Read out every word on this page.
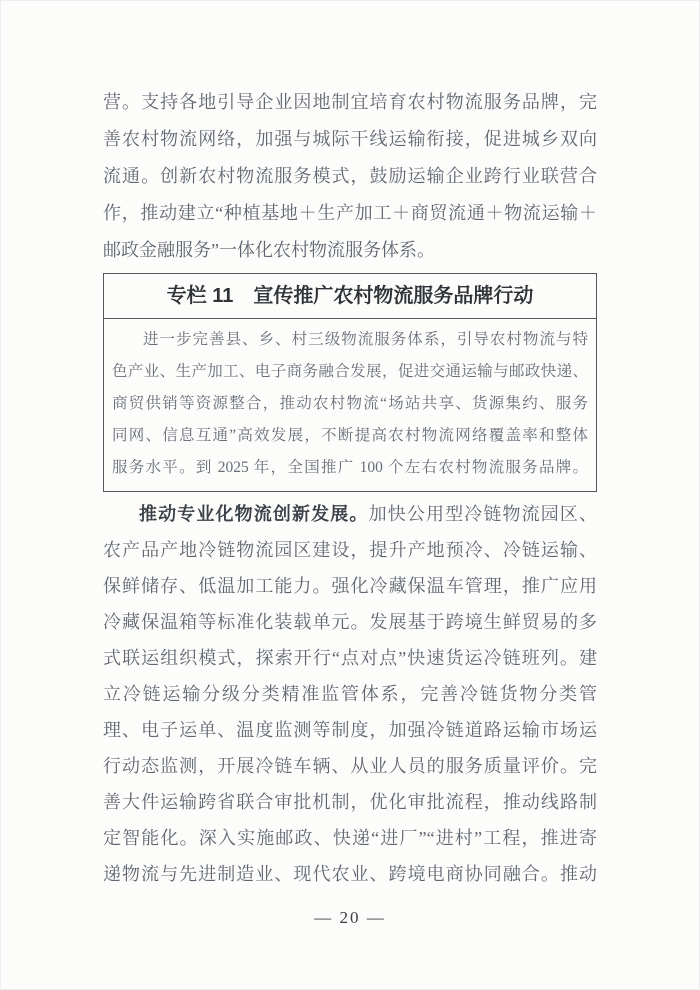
营。支持各地引导企业因地制宜培育农村物流服务品牌，完
善农村物流网络，加强与城际干线运输衔接，促进城乡双向
流通。创新农村物流服务模式，鼓励运输企业跨行业联营合
作，推动建立“种植基地＋生产加工＋商贸流通＋物流运输＋
邮政金融服务”一体化农村物流服务体系。
专栏 11　宣传推广农村物流服务品牌行动
进一步完善县、乡、村三级物流服务体系，引导农村物流与特
色产业、生产加工、电子商务融合发展，促进交通运输与邮政快递、
商贸供销等资源整合，推动农村物流“场站共享、货源集约、服务
同网、信息互通”高效发展，不断提高农村物流网络覆盖率和整体
服务水平。到 2025 年，全国推广 100 个左右农村物流服务品牌。
推动专业化物流创新发展。加快公用型冷链物流园区、
农产品产地冷链物流园区建设，提升产地预冷、冷链运输、
保鲜储存、低温加工能力。强化冷藏保温车管理，推广应用
冷藏保温箱等标准化装载单元。发展基于跨境生鲜贸易的多
式联运组织模式，探索开行“点对点”快速货运冷链班列。建
立冷链运输分级分类精准监管体系，完善冷链货物分类管
理、电子运单、温度监测等制度，加强冷链道路运输市场运
行动态监测，开展冷链车辆、从业人员的服务质量评价。完
善大件运输跨省联合审批机制，优化审批流程，推动线路制
定智能化。深入实施邮政、快递“进厂”“进村”工程，推进寄
递物流与先进制造业、现代农业、跨境电商协同融合。推动
— 20 —
